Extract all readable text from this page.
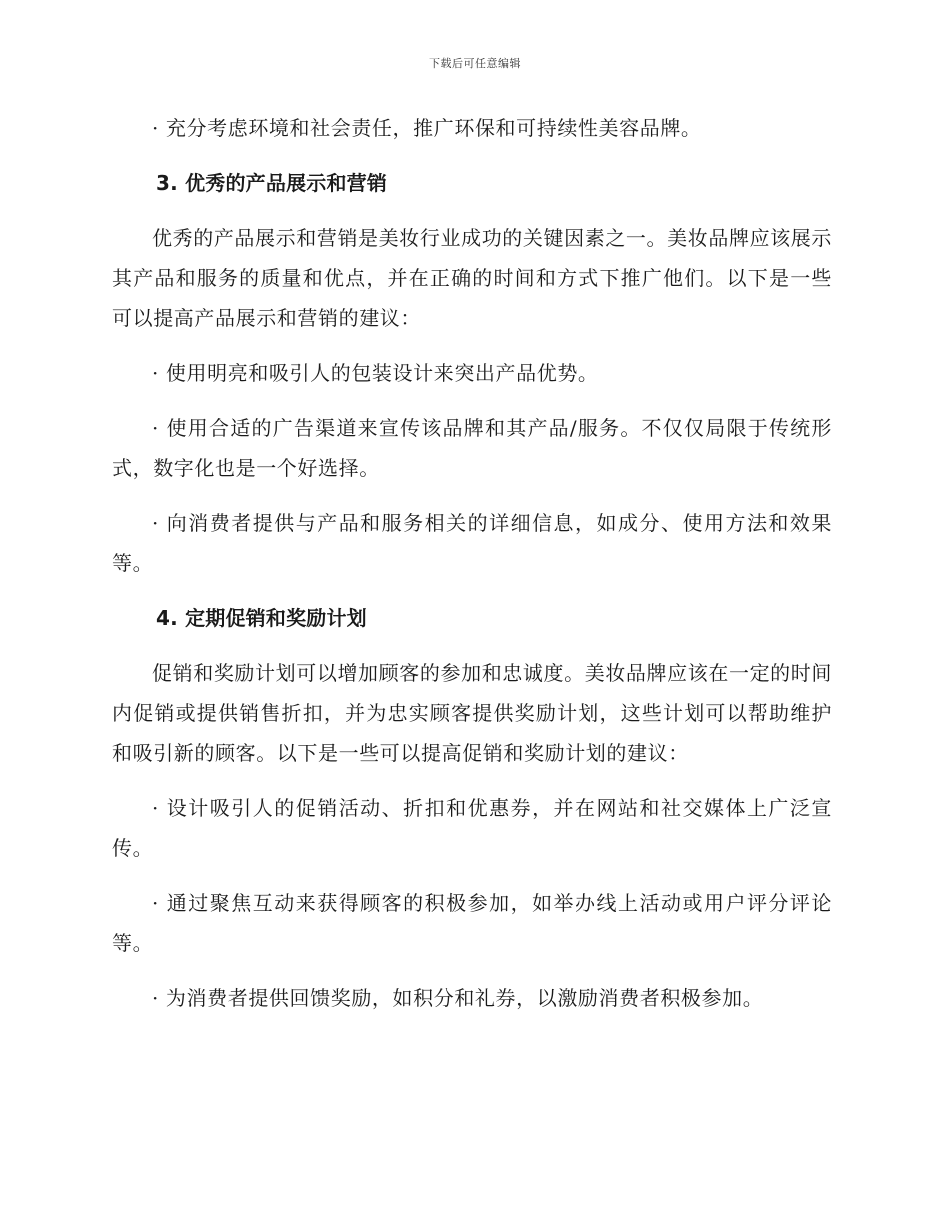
下载后可任意编辑

· 充分考虑环境和社会责任，推广环保和可持续性美容品牌。

3. 优秀的产品展示和营销

优秀的产品展示和营销是美妆行业成功的关键因素之一。美妆品牌应该展示其产品和服务的质量和优点，并在正确的时间和方式下推广他们。以下是一些可以提高产品展示和营销的建议：

· 使用明亮和吸引人的包装设计来突出产品优势。

· 使用合适的广告渠道来宣传该品牌和其产品/服务。不仅仅局限于传统形式，数字化也是一个好选择。

· 向消费者提供与产品和服务相关的详细信息，如成分、使用方法和效果等。

4. 定期促销和奖励计划

促销和奖励计划可以增加顾客的参加和忠诚度。美妆品牌应该在一定的时间内促销或提供销售折扣，并为忠实顾客提供奖励计划，这些计划可以帮助维护和吸引新的顾客。以下是一些可以提高促销和奖励计划的建议：

· 设计吸引人的促销活动、折扣和优惠券，并在网站和社交媒体上广泛宣传。

· 通过聚焦互动来获得顾客的积极参加，如举办线上活动或用户评分评论等。

· 为消费者提供回馈奖励，如积分和礼券，以激励消费者积极参加。
